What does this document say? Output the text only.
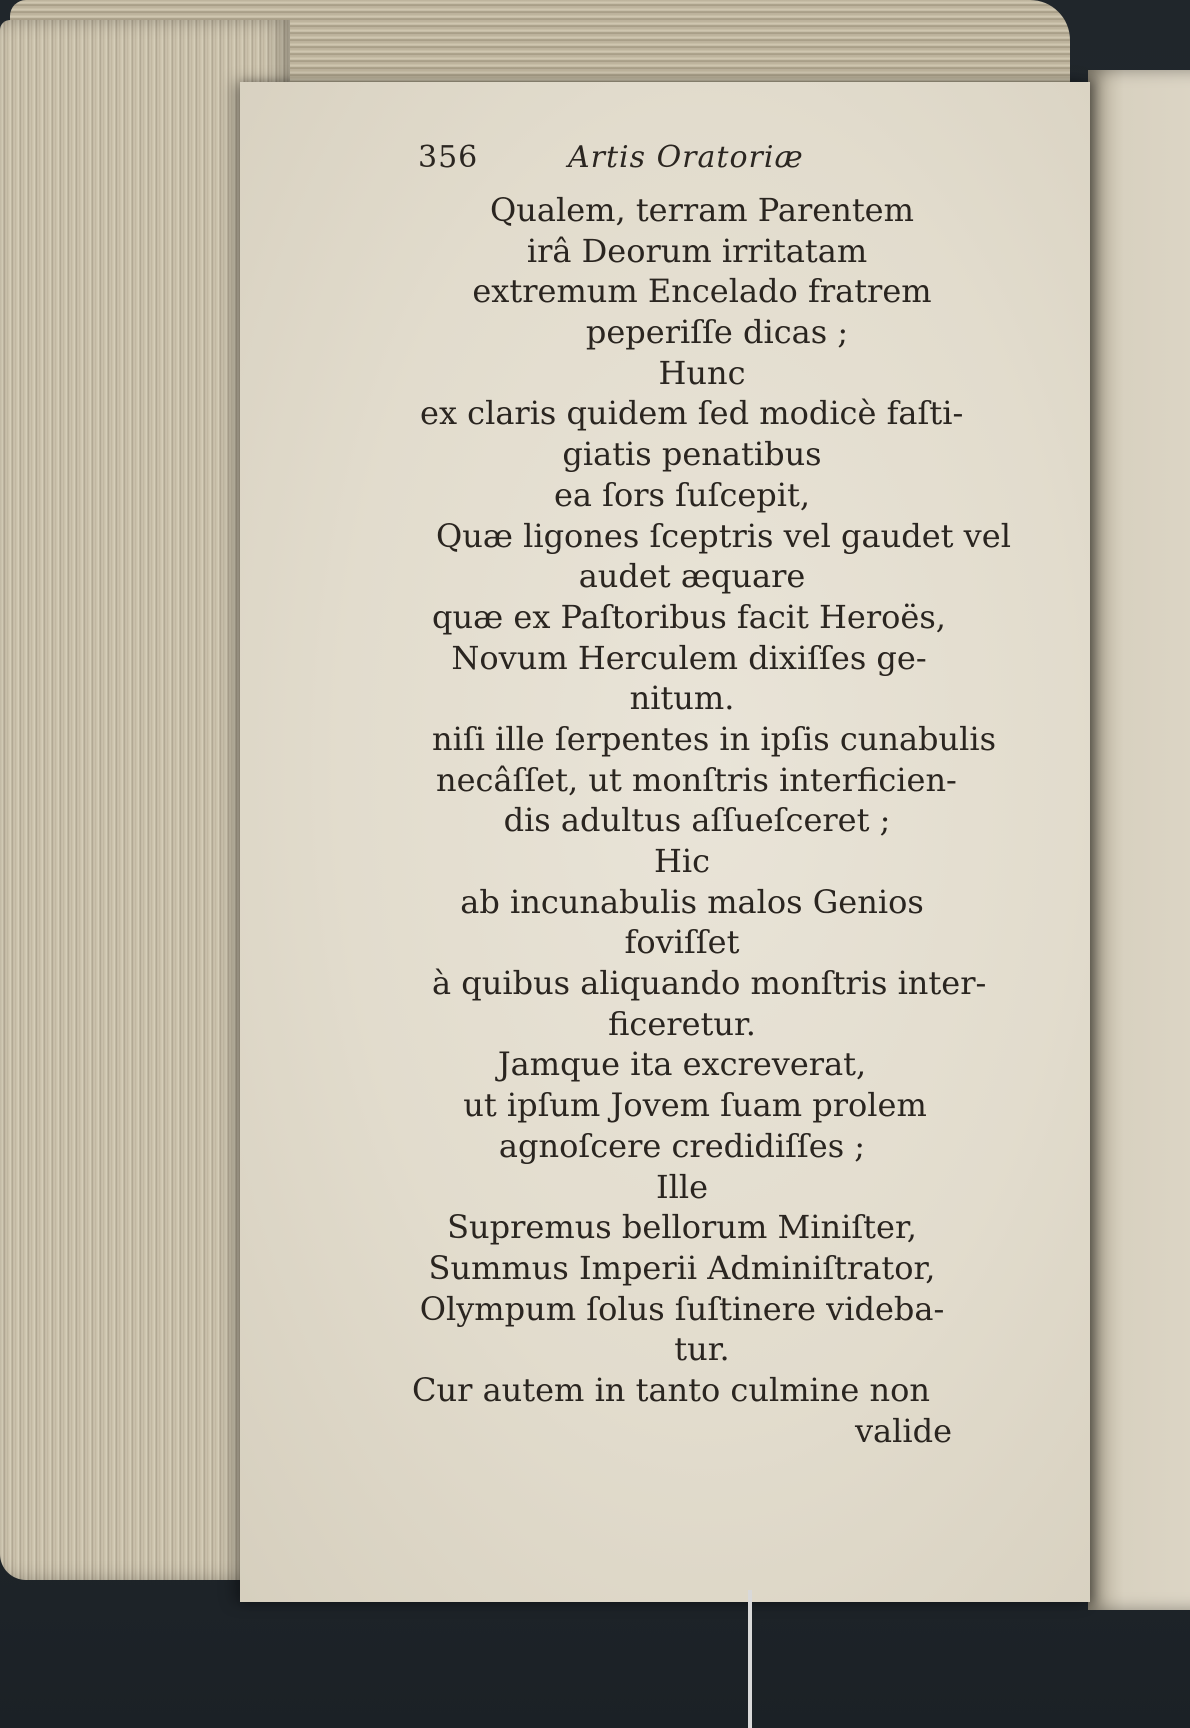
356	Artis Oratoriæ
Qualem, terram Parentem
irâ Deorum irritatam
extremum Encelado fratrem
peperiſſe dicas ;
Hunc
ex claris quidem ſed modicè faſti-
giatis penatibus
ea ſors ſuſcepit,
Quæ ligones ſceptris vel gaudet vel
audet æquare
quæ ex Paſtoribus facit Heroës,
Novum Herculem dixiſſes ge-
nitum.
niſi ille ſerpentes in ipſis cunabulis
necâſſet, ut monſtris interficien-
dis adultus aſſueſceret ;
Hic
ab incunabulis malos Genios
foviſſet
à quibus aliquando monſtris inter-
ficeretur.
Jamque ita excreverat,
ut ipſum Jovem ſuam prolem
agnoſcere credidiſſes ;
Ille
Supremus bellorum Miniſter,
Summus Imperii Adminiſtrator,
Olympum ſolus ſuſtinere videba-
tur.
Cur autem in tanto culmine non
valide
